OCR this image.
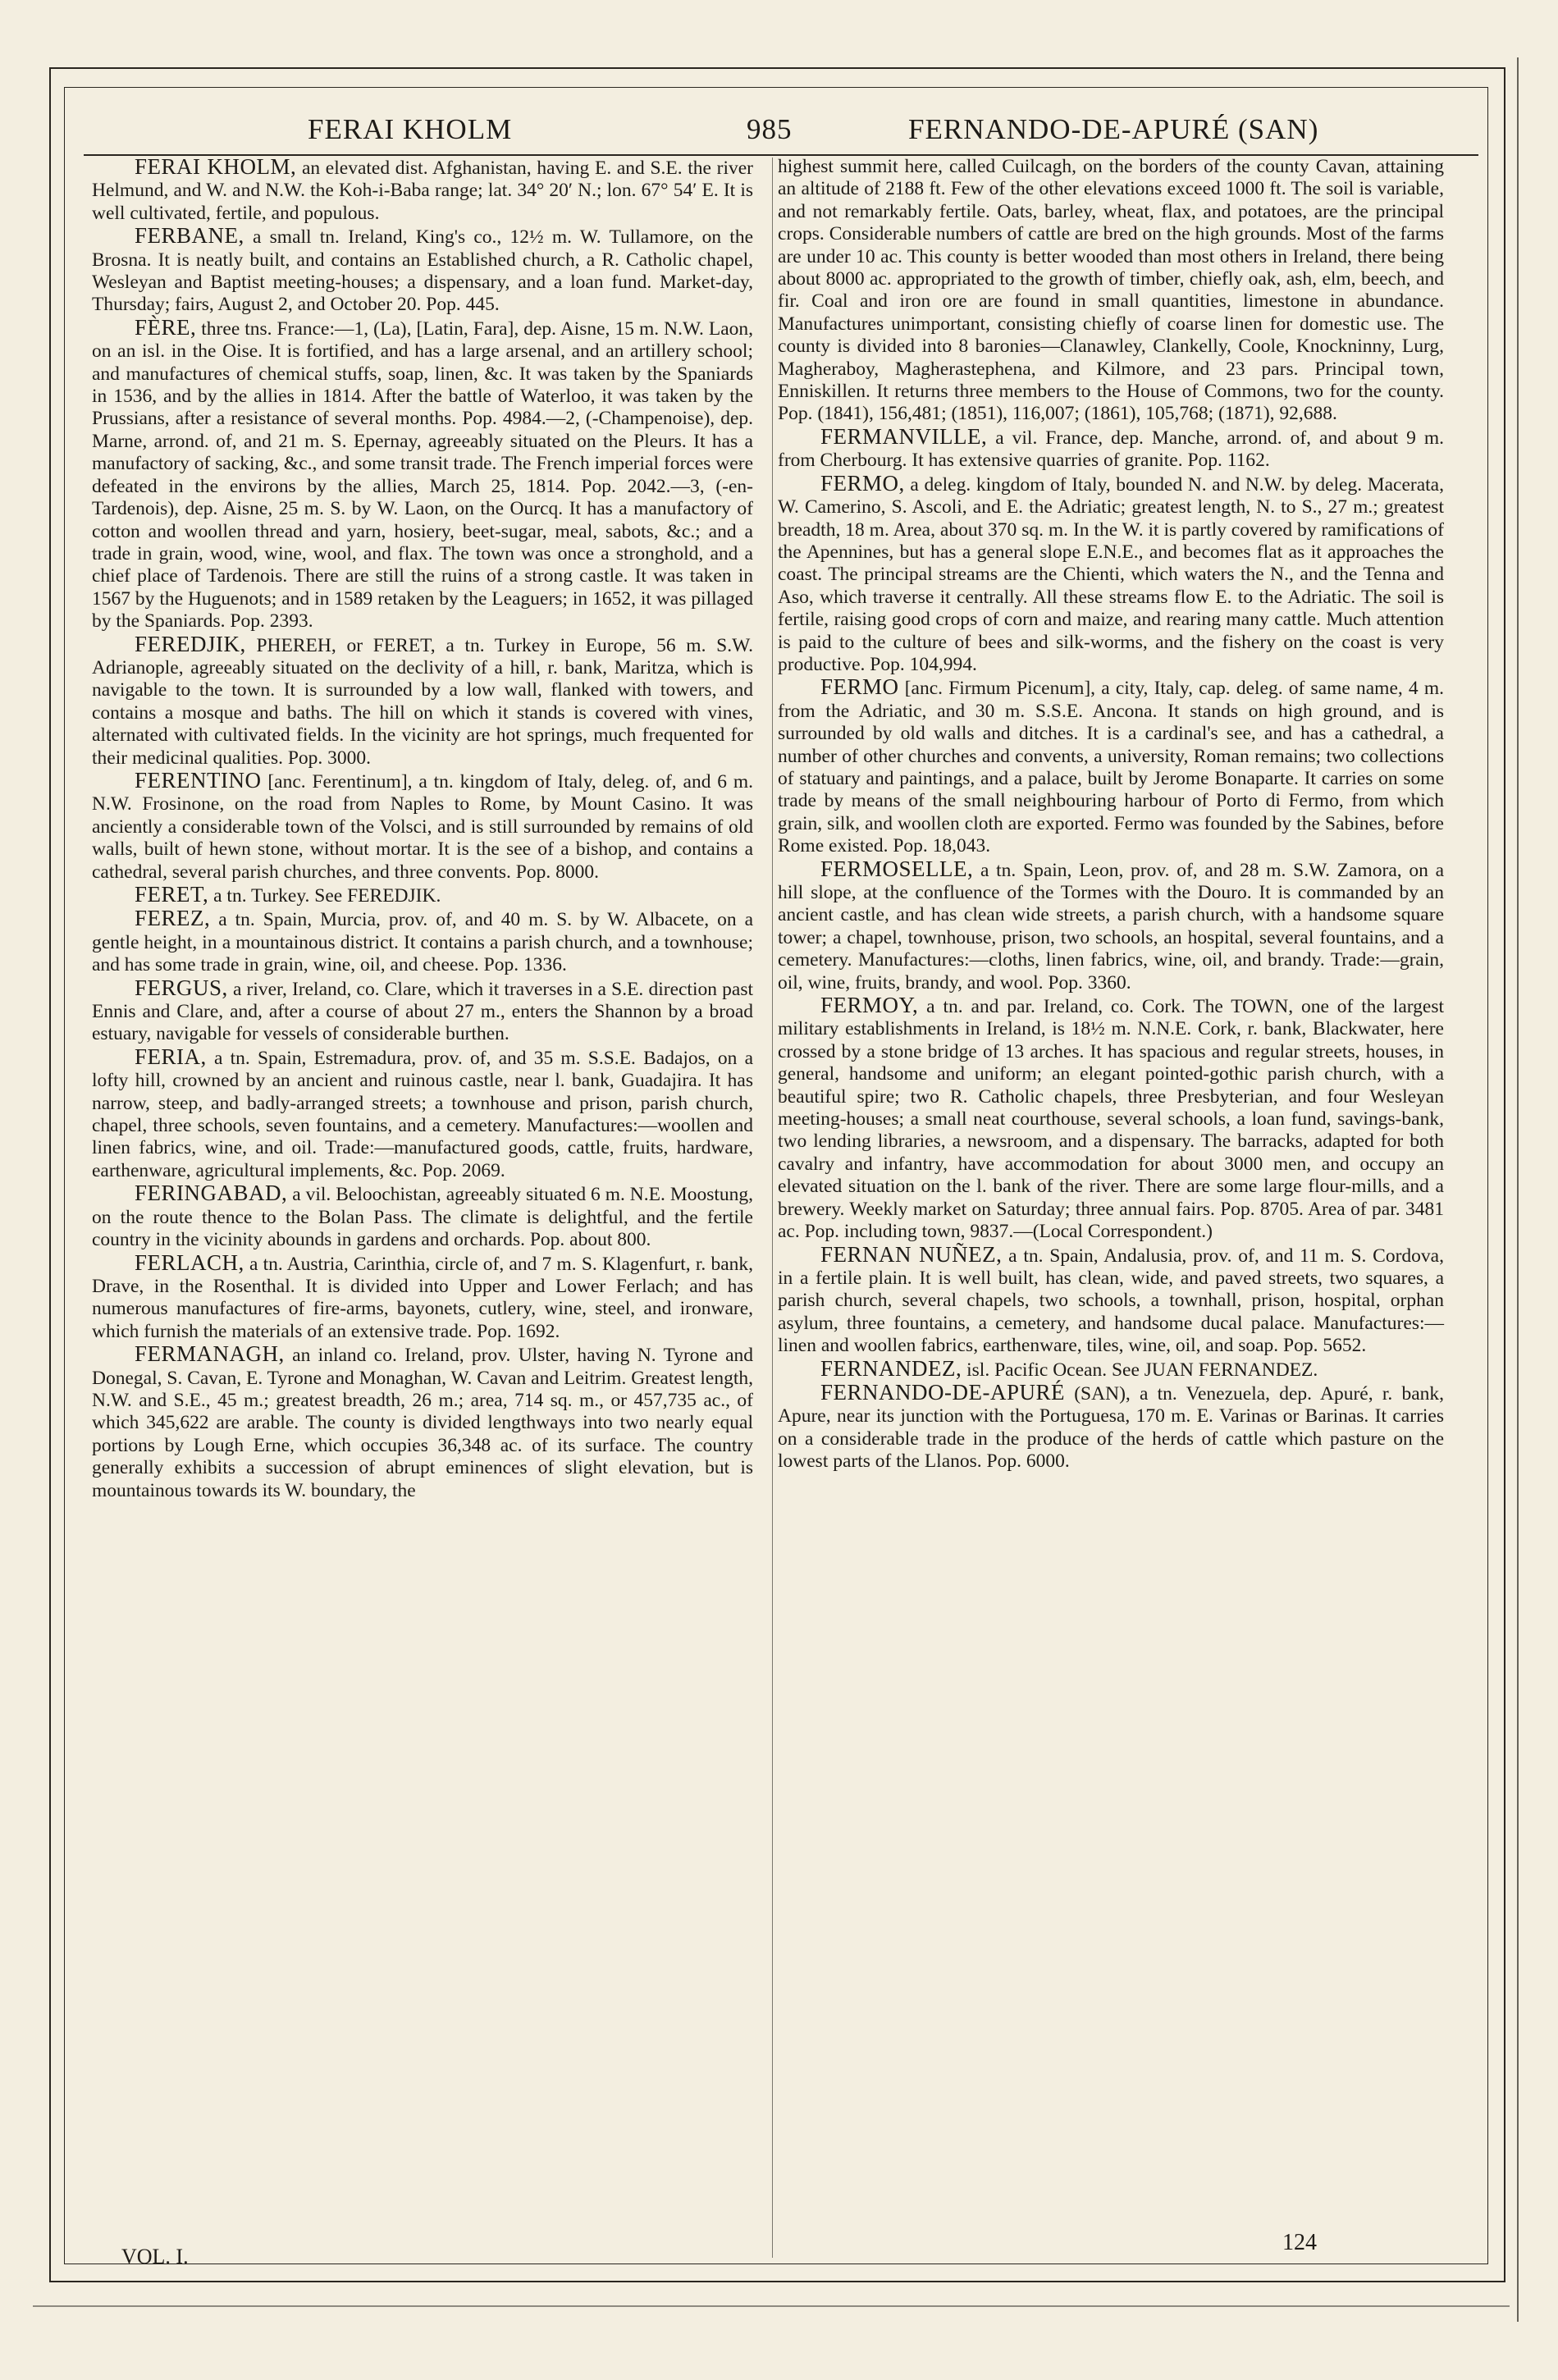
FERAI KHOLM	985	FERNANDO-DE-APURÉ (SAN)

FERAI KHOLM, an elevated dist. Afghanistan, having E. and S.E. the river Helmund, and W. and N.W. the Koh-i-Baba range; lat. 34° 20′ N.; lon. 67° 54′ E. It is well cultivated, fertile, and populous.

FERBANE, a small tn. Ireland, King's co., 12½ m. W. Tullamore, on the Brosna. It is neatly built, and contains an Established church, a R. Catholic chapel, Wesleyan and Baptist meeting-houses; a dispensary, and a loan fund. Market-day, Thursday; fairs, August 2, and October 20. Pop. 445.

FÈRE, three tns. France:—1, (La), [Latin, Fara], dep. Aisne, 15 m. N.W. Laon, on an isl. in the Oise. It is fortified, and has a large arsenal, and an artillery school; and manufactures of chemical stuffs, soap, linen, &c. It was taken by the Spaniards in 1536, and by the allies in 1814. After the battle of Waterloo, it was taken by the Prussians, after a resistance of several months. Pop. 4984.—2, (-Champenoise), dep. Marne, arrond. of, and 21 m. S. Epernay, agreeably situated on the Pleurs. It has a manufactory of sacking, &c., and some transit trade. The French imperial forces were defeated in the environs by the allies, March 25, 1814. Pop. 2042.—3, (-en-Tardenois), dep. Aisne, 25 m. S. by W. Laon, on the Ourcq. It has a manufactory of cotton and woollen thread and yarn, hosiery, beet-sugar, meal, sabots, &c.; and a trade in grain, wood, wine, wool, and flax. The town was once a stronghold, and a chief place of Tardenois. There are still the ruins of a strong castle. It was taken in 1567 by the Huguenots; and in 1589 retaken by the Leaguers; in 1652, it was pillaged by the Spaniards. Pop. 2393.

FEREDJIK, PHEREH, or FERET, a tn. Turkey in Europe, 56 m. S.W. Adrianople, agreeably situated on the declivity of a hill, r. bank, Maritza, which is navigable to the town. It is surrounded by a low wall, flanked with towers, and contains a mosque and baths. The hill on which it stands is covered with vines, alternated with cultivated fields. In the vicinity are hot springs, much frequented for their medicinal qualities. Pop. 3000.

FERENTINO [anc. Ferentinum], a tn. kingdom of Italy, deleg. of, and 6 m. N.W. Frosinone, on the road from Naples to Rome, by Mount Casino. It was anciently a considerable town of the Volsci, and is still surrounded by remains of old walls, built of hewn stone, without mortar. It is the see of a bishop, and contains a cathedral, several parish churches, and three convents. Pop. 8000.

FERET, a tn. Turkey. See FEREDJIK.

FEREZ, a tn. Spain, Murcia, prov. of, and 40 m. S. by W. Albacete, on a gentle height, in a mountainous district. It contains a parish church, and a townhouse; and has some trade in grain, wine, oil, and cheese. Pop. 1336.

FERGUS, a river, Ireland, co. Clare, which it traverses in a S.E. direction past Ennis and Clare, and, after a course of about 27 m., enters the Shannon by a broad estuary, navigable for vessels of considerable burthen.

FERIA, a tn. Spain, Estremadura, prov. of, and 35 m. S.S.E. Badajos, on a lofty hill, crowned by an ancient and ruinous castle, near l. bank, Guadajira. It has narrow, steep, and badly-arranged streets; a townhouse and prison, parish church, chapel, three schools, seven fountains, and a cemetery. Manufactures:—woollen and linen fabrics, wine, and oil. Trade:—manufactured goods, cattle, fruits, hardware, earthenware, agricultural implements, &c. Pop. 2069.

FERINGABAD, a vil. Beloochistan, agreeably situated 6 m. N.E. Moostung, on the route thence to the Bolan Pass. The climate is delightful, and the fertile country in the vicinity abounds in gardens and orchards. Pop. about 800.

FERLACH, a tn. Austria, Carinthia, circle of, and 7 m. S. Klagenfurt, r. bank, Drave, in the Rosenthal. It is divided into Upper and Lower Ferlach; and has numerous manufactures of fire-arms, bayonets, cutlery, wine, steel, and ironware, which furnish the materials of an extensive trade. Pop. 1692.

FERMANAGH, an inland co. Ireland, prov. Ulster, having N. Tyrone and Donegal, S. Cavan, E. Tyrone and Monaghan, W. Cavan and Leitrim. Greatest length, N.W. and S.E., 45 m.; greatest breadth, 26 m.; area, 714 sq. m., or 457,735 ac., of which 345,622 are arable. The county is divided lengthways into two nearly equal portions by Lough Erne, which occupies 36,348 ac. of its surface. The country generally exhibits a succession of abrupt eminences of slight elevation, but is mountainous towards its W. boundary, the

highest summit here, called Cuilcagh, on the borders of the county Cavan, attaining an altitude of 2188 ft. Few of the other elevations exceed 1000 ft. The soil is variable, and not remarkably fertile. Oats, barley, wheat, flax, and potatoes, are the principal crops. Considerable numbers of cattle are bred on the high grounds. Most of the farms are under 10 ac. This county is better wooded than most others in Ireland, there being about 8000 ac. appropriated to the growth of timber, chiefly oak, ash, elm, beech, and fir. Coal and iron ore are found in small quantities, limestone in abundance. Manufactures unimportant, consisting chiefly of coarse linen for domestic use. The county is divided into 8 baronies—Clanawley, Clankelly, Coole, Knockninny, Lurg, Magheraboy, Magherastephena, and Kilmore, and 23 pars. Principal town, Enniskillen. It returns three members to the House of Commons, two for the county. Pop. (1841), 156,481; (1851), 116,007; (1861), 105,768; (1871), 92,688.

FERMANVILLE, a vil. France, dep. Manche, arrond. of, and about 9 m. from Cherbourg. It has extensive quarries of granite. Pop. 1162.

FERMO, a deleg. kingdom of Italy, bounded N. and N.W. by deleg. Macerata, W. Camerino, S. Ascoli, and E. the Adriatic; greatest length, N. to S., 27 m.; greatest breadth, 18 m. Area, about 370 sq. m. In the W. it is partly covered by ramifications of the Apennines, but has a general slope E.N.E., and becomes flat as it approaches the coast. The principal streams are the Chienti, which waters the N., and the Tenna and Aso, which traverse it centrally. All these streams flow E. to the Adriatic. The soil is fertile, raising good crops of corn and maize, and rearing many cattle. Much attention is paid to the culture of bees and silk-worms, and the fishery on the coast is very productive. Pop. 104,994.

FERMO [anc. Firmum Picenum], a city, Italy, cap. deleg. of same name, 4 m. from the Adriatic, and 30 m. S.S.E. Ancona. It stands on high ground, and is surrounded by old walls and ditches. It is a cardinal's see, and has a cathedral, a number of other churches and convents, a university, Roman remains; two collections of statuary and paintings, and a palace, built by Jerome Bonaparte. It carries on some trade by means of the small neighbouring harbour of Porto di Fermo, from which grain, silk, and woollen cloth are exported. Fermo was founded by the Sabines, before Rome existed. Pop. 18,043.

FERMOSELLE, a tn. Spain, Leon, prov. of, and 28 m. S.W. Zamora, on a hill slope, at the confluence of the Tormes with the Douro. It is commanded by an ancient castle, and has clean wide streets, a parish church, with a handsome square tower; a chapel, townhouse, prison, two schools, an hospital, several fountains, and a cemetery. Manufactures:—cloths, linen fabrics, wine, oil, and brandy. Trade:—grain, oil, wine, fruits, brandy, and wool. Pop. 3360.

FERMOY, a tn. and par. Ireland, co. Cork. The TOWN, one of the largest military establishments in Ireland, is 18½ m. N.N.E. Cork, r. bank, Blackwater, here crossed by a stone bridge of 13 arches. It has spacious and regular streets, houses, in general, handsome and uniform; an elegant pointed-gothic parish church, with a beautiful spire; two R. Catholic chapels, three Presbyterian, and four Wesleyan meeting-houses; a small neat courthouse, several schools, a loan fund, savings-bank, two lending libraries, a newsroom, and a dispensary. The barracks, adapted for both cavalry and infantry, have accommodation for about 3000 men, and occupy an elevated situation on the l. bank of the river. There are some large flour-mills, and a brewery. Weekly market on Saturday; three annual fairs. Pop. 8705. Area of par. 3481 ac. Pop. including town, 9837.—(Local Correspondent.)

FERNAN NUÑEZ, a tn. Spain, Andalusia, prov. of, and 11 m. S. Cordova, in a fertile plain. It is well built, has clean, wide, and paved streets, two squares, a parish church, several chapels, two schools, a townhall, prison, hospital, orphan asylum, three fountains, a cemetery, and handsome ducal palace. Manufactures:—linen and woollen fabrics, earthenware, tiles, wine, oil, and soap. Pop. 5652.

FERNANDEZ, isl. Pacific Ocean. See JUAN FERNANDEZ.

FERNANDO-DE-APURÉ (SAN), a tn. Venezuela, dep. Apuré, r. bank, Apure, near its junction with the Portuguesa, 170 m. E. Varinas or Barinas. It carries on a considerable trade in the produce of the herds of cattle which pasture on the lowest parts of the Llanos. Pop. 6000.

VOL. I.
124
